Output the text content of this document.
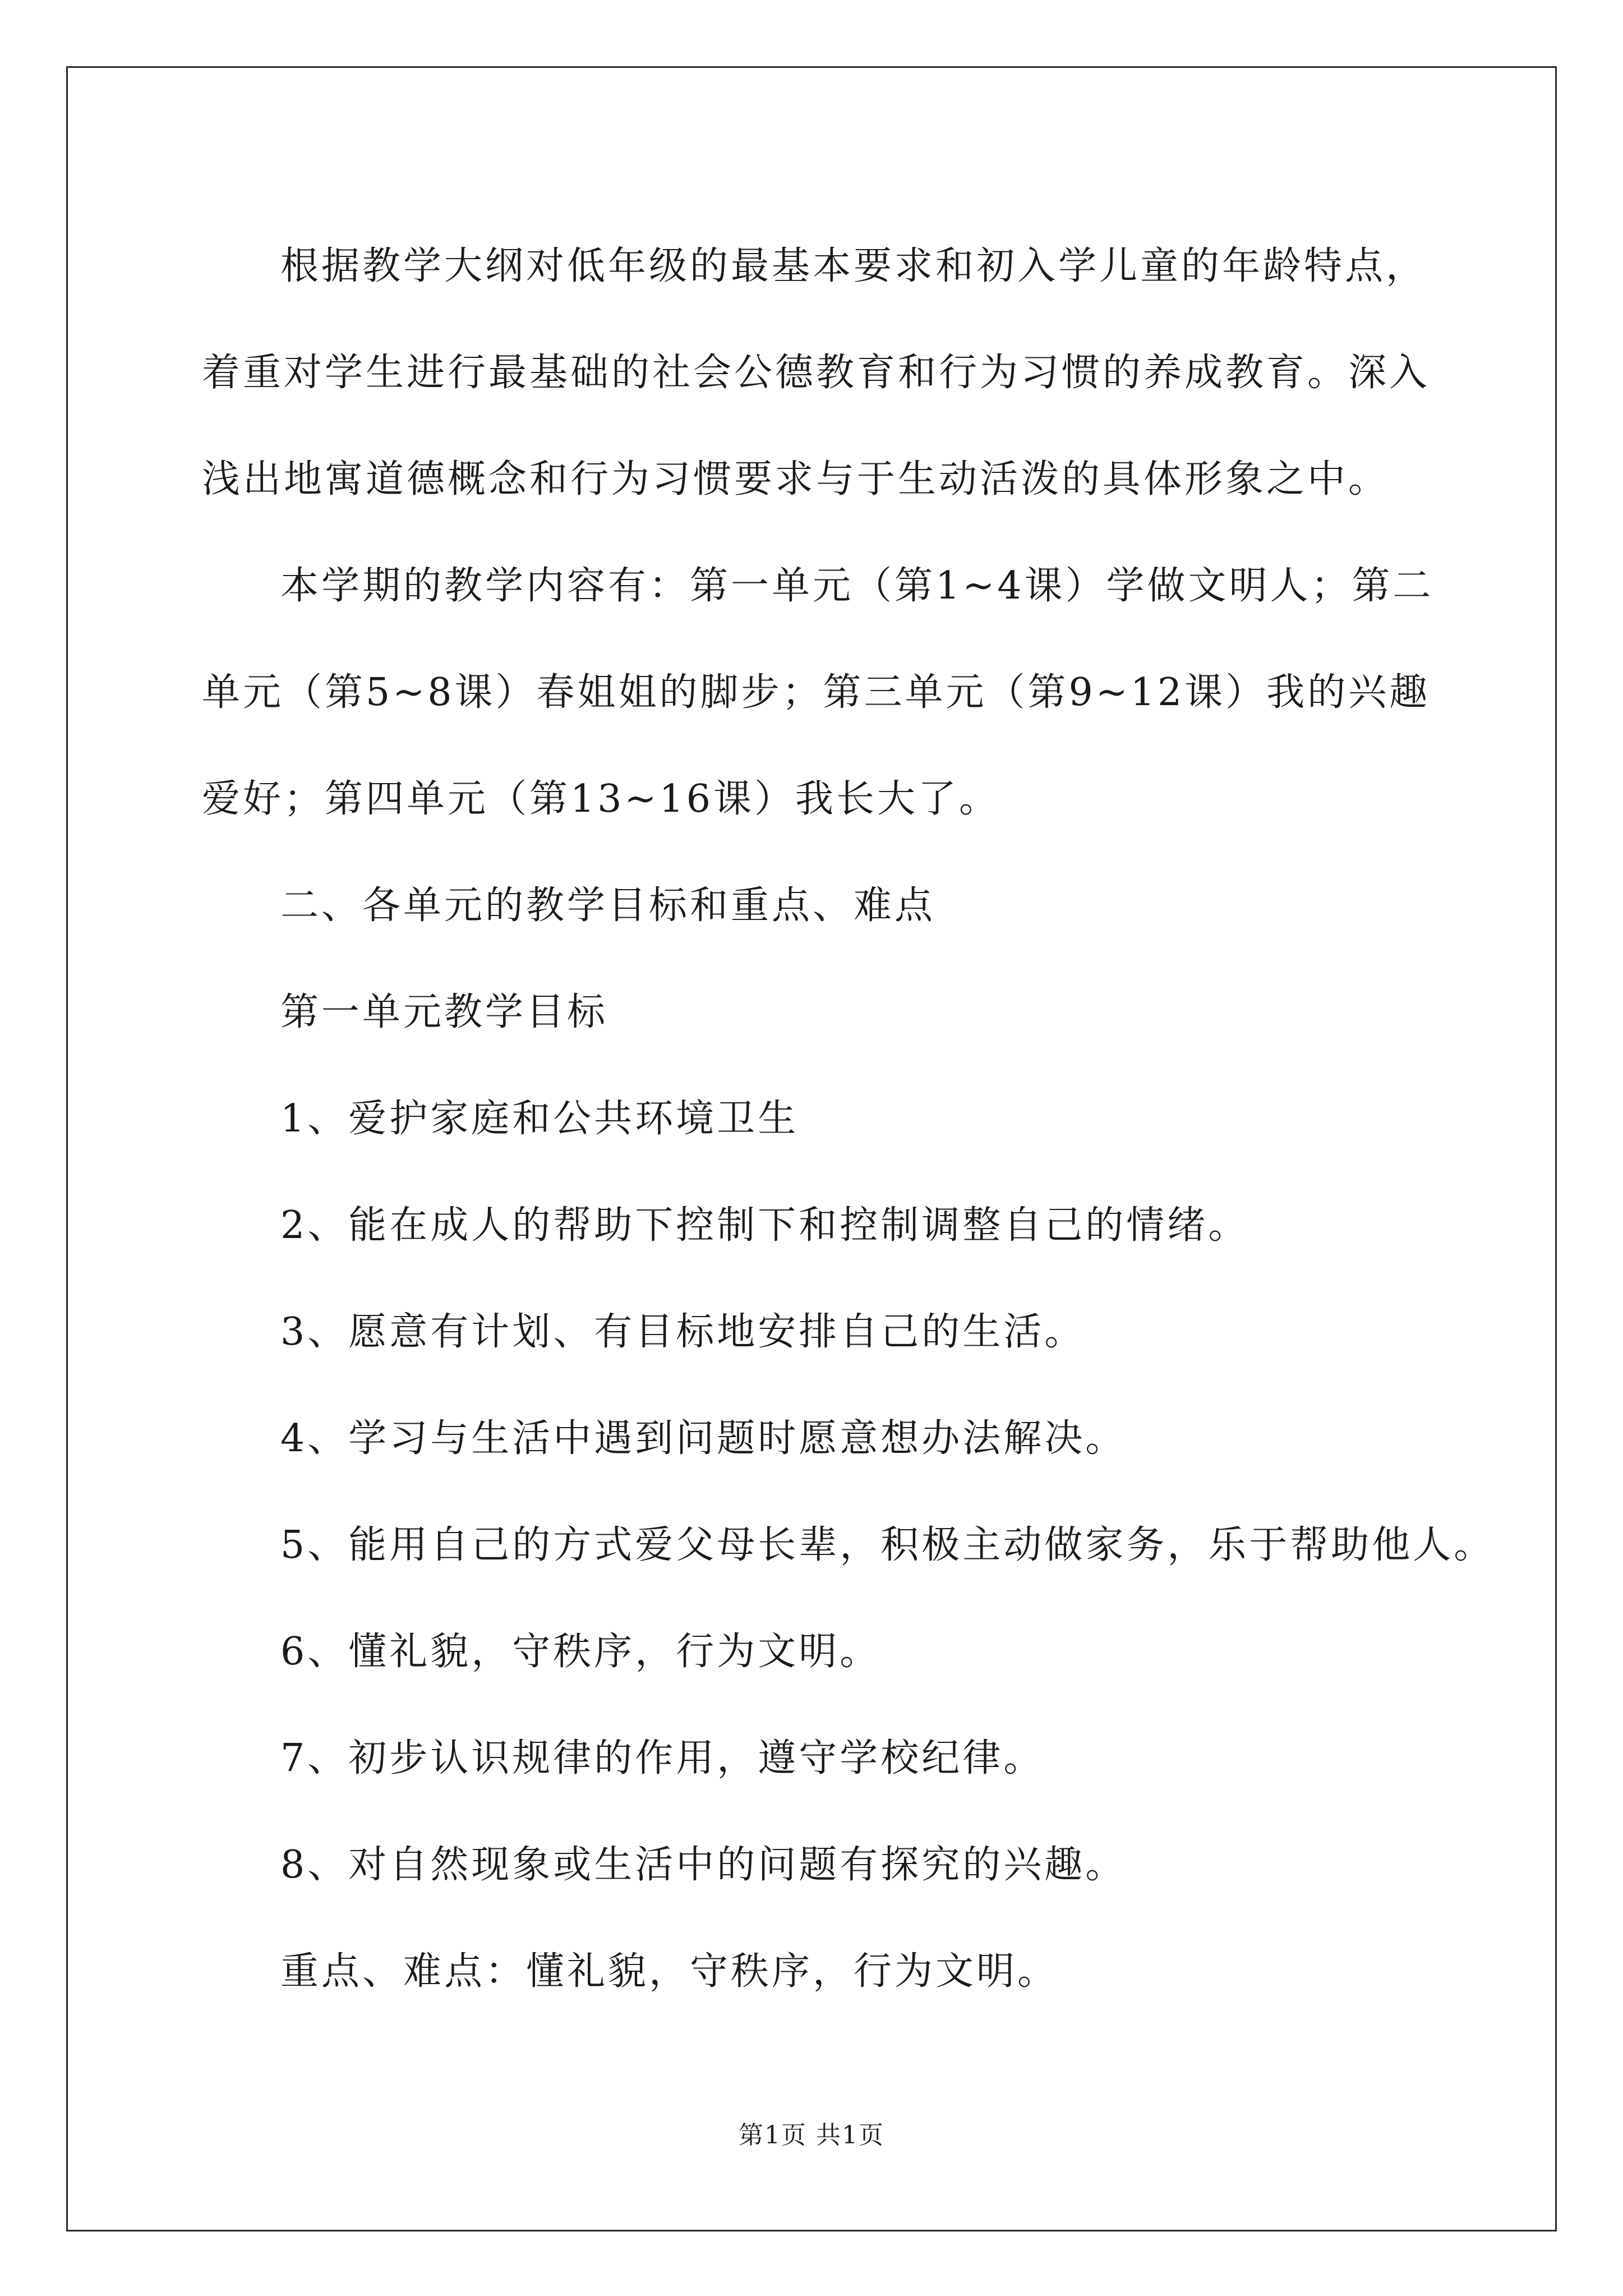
根据教学大纲对低年级的最基本要求和初入学儿童的年龄特点，着重对学生进行最基础的社会公德教育和行为习惯的养成教育。深入浅出地寓道德概念和行为习惯要求与于生动活泼的具体形象之中。

本学期的教学内容有：第一单元（第1~4课）学做文明人；第二单元（第5~8课）春姐姐的脚步；第三单元（第9~12课）我的兴趣爱好；第四单元（第13~16课）我长大了。

二、各单元的教学目标和重点、难点

第一单元教学目标

1、爱护家庭和公共环境卫生

2、能在成人的帮助下控制下和控制调整自己的情绪。

3、愿意有计划、有目标地安排自己的生活。

4、学习与生活中遇到问题时愿意想办法解决。

5、能用自己的方式爱父母长辈，积极主动做家务，乐于帮助他人。

6、懂礼貌，守秩序，行为文明。

7、初步认识规律的作用，遵守学校纪律。

8、对自然现象或生活中的问题有探究的兴趣。

重点、难点：懂礼貌，守秩序，行为文明。

第1页 共1页
